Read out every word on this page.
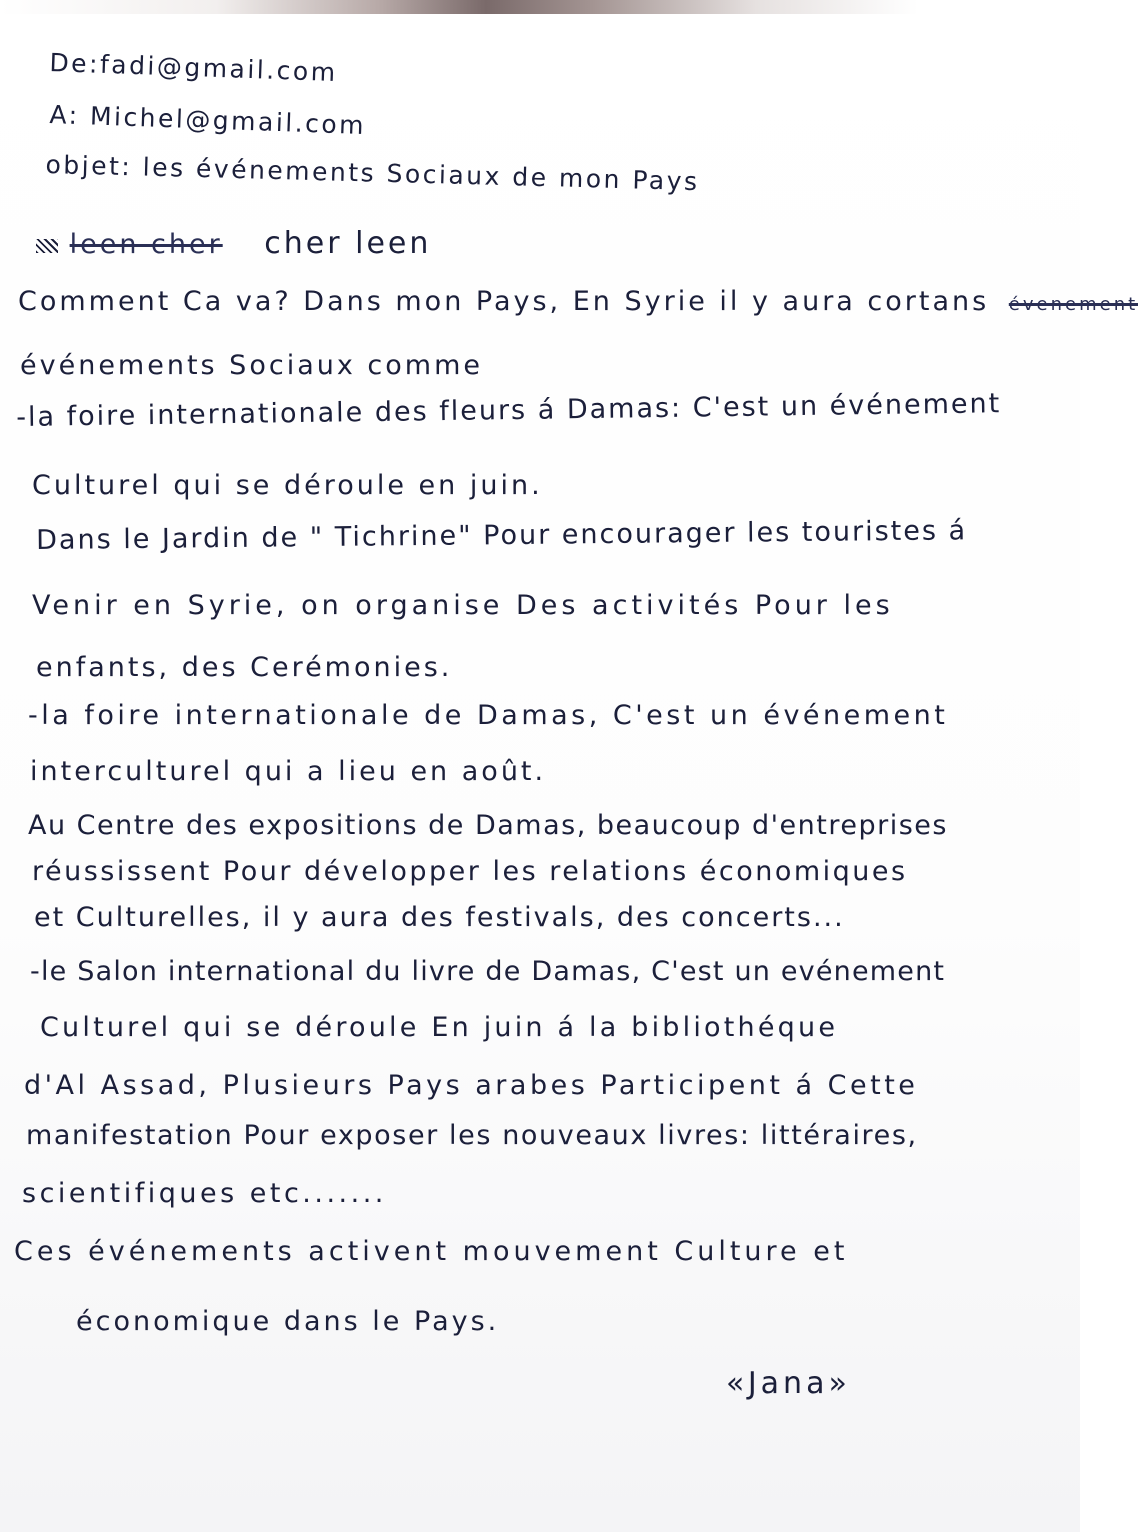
De:fadi@gmail.com
A: Michel@gmail.com
objet: les événements Sociaux de mon Pays
leen cher cher leen
Comment Ca va? Dans mon Pays, En Syrie il y aura cortans évenement
événements Sociaux comme
-la foire internationale des fleurs á Damas: C'est un événement
Culturel qui se déroule en juin.
Dans le Jardin de " Tichrine" Pour encourager les touristes á
Venir en Syrie, on organise Des activités Pour les
enfants, des Cerémonies.
-la foire internationale de Damas, C'est un événement
interculturel qui a lieu en août.
Au Centre des expositions de Damas, beaucoup d'entreprises
réussissent Pour développer les relations économiques
et Culturelles, il y aura des festivals, des concerts...
-le Salon international du livre de Damas, C'est un evénement
Culturel qui se déroule En juin á la bibliothéque
d'Al Assad, Plusieurs Pays arabes Participent á Cette
manifestation Pour exposer les nouveaux livres: littéraires,
scientifiques etc.......
Ces événements activent mouvement Culture et
économique dans le Pays.
«Jana»
